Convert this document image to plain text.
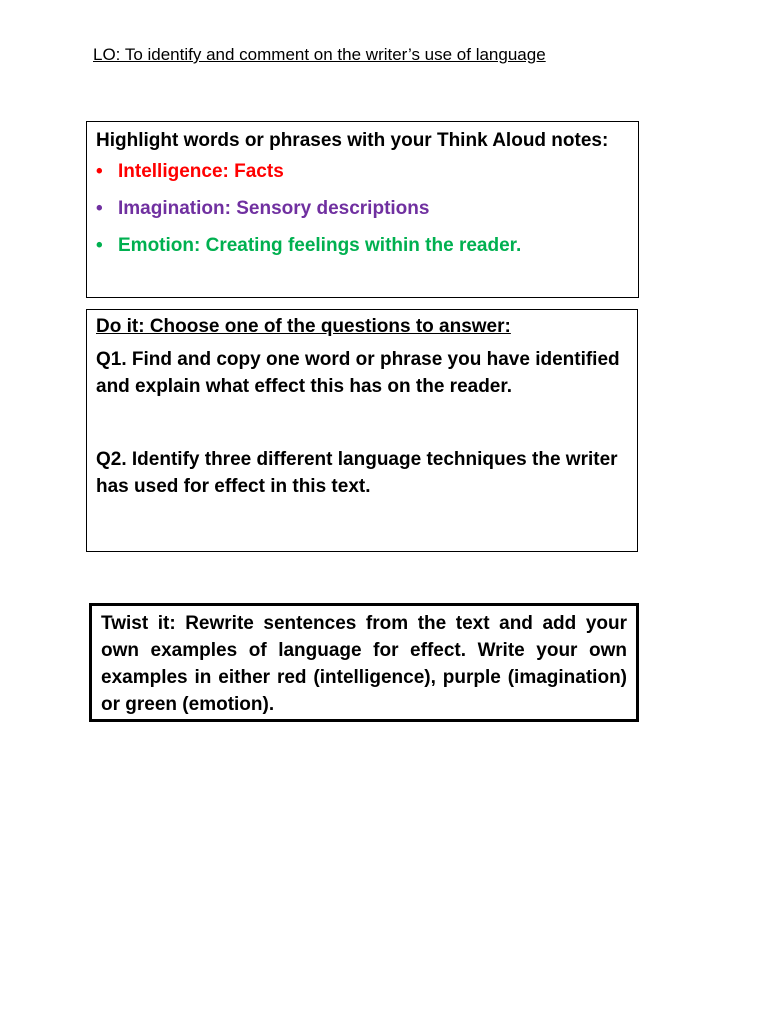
LO: To identify and comment on the writer’s use of language
Highlight words or phrases with your Think Aloud notes:
• Intelligence: Facts
• Imagination: Sensory descriptions
• Emotion: Creating feelings within the reader.
Do it: Choose one of the questions to answer:

Q1. Find and copy one word or phrase you have identified and explain what effect this has on the reader.

Q2. Identify three different language techniques the writer has used for effect in this text.

Twist it: Rewrite sentences from the text and add your own examples of language for effect. Write your own examples in either red (intelligence), purple (imagination) or green (emotion).
